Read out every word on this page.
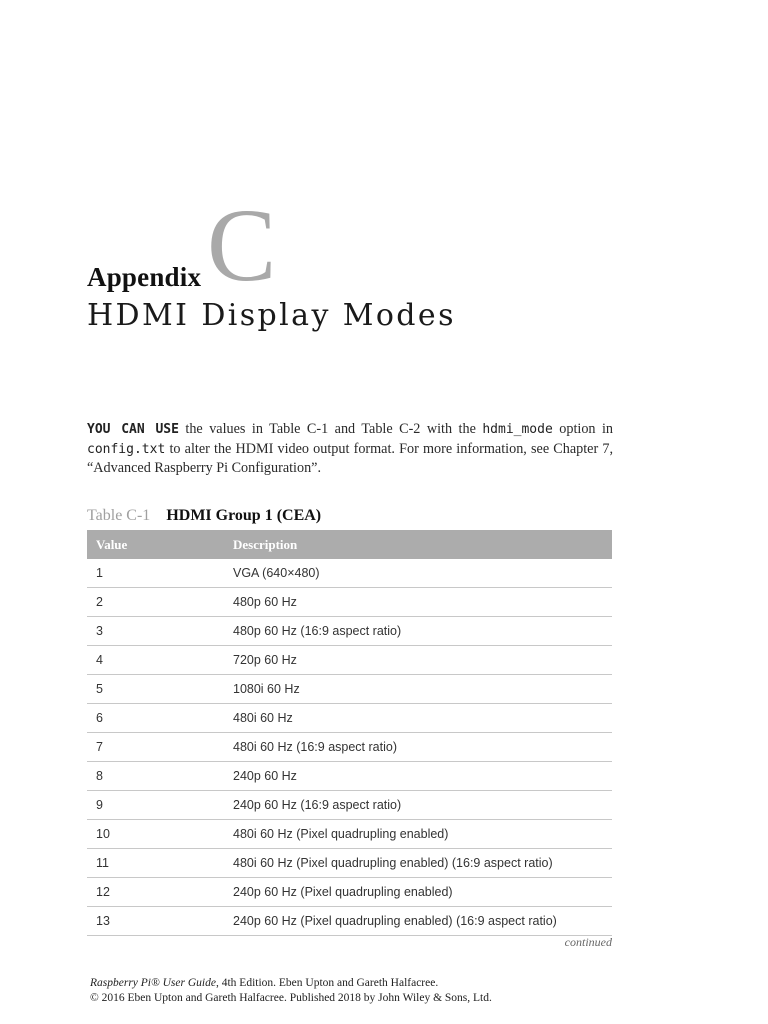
C
Appendix
HDMI Display Modes

YOU CAN USE the values in Table C-1 and Table C-2 with the hdmi_mode option in config.txt to alter the HDMI video output format. For more information, see Chapter 7, “Advanced Raspberry Pi Configuration”.

Table C-1 HDMI Group 1 (CEA)
Value	Description
1	VGA (640×480)
2	480p 60 Hz
3	480p 60 Hz (16:9 aspect ratio)
4	720p 60 Hz
5	1080i 60 Hz
6	480i 60 Hz
7	480i 60 Hz (16:9 aspect ratio)
8	240p 60 Hz
9	240p 60 Hz (16:9 aspect ratio)
10	480i 60 Hz (Pixel quadrupling enabled)
11	480i 60 Hz (Pixel quadrupling enabled) (16:9 aspect ratio)
12	240p 60 Hz (Pixel quadrupling enabled)
13	240p 60 Hz (Pixel quadrupling enabled) (16:9 aspect ratio)
continued
Raspberry Pi® User Guide, 4th Edition. Eben Upton and Gareth Halfacree.
© 2016 Eben Upton and Gareth Halfacree. Published 2018 by John Wiley & Sons, Ltd.
